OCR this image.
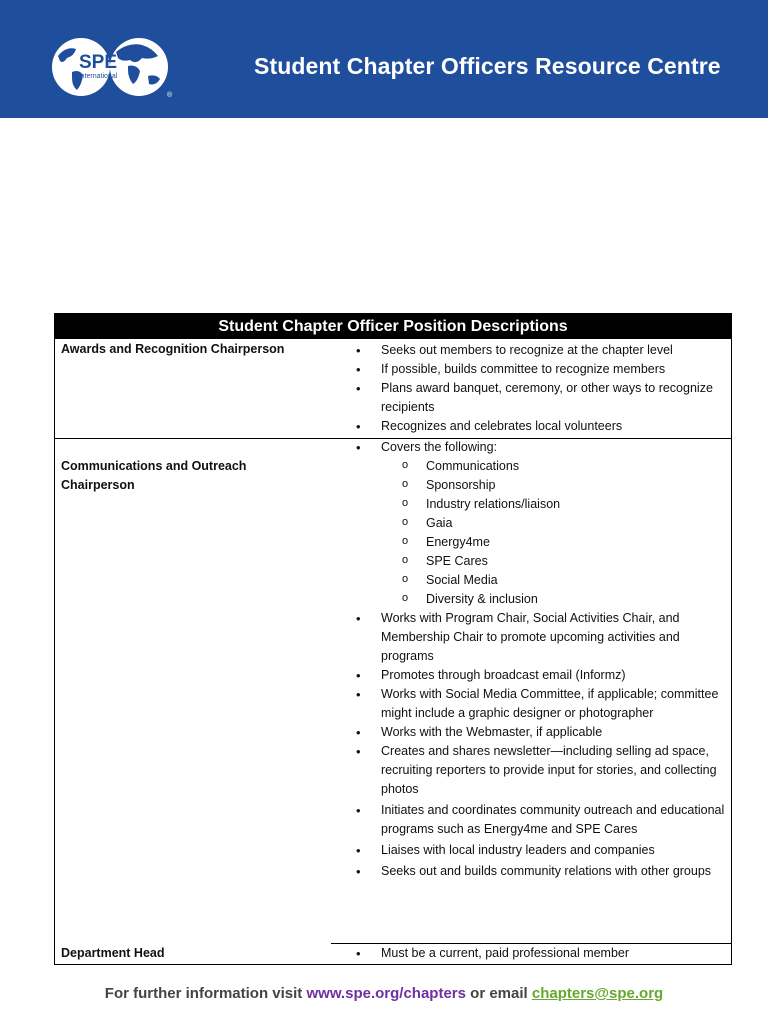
SPE
International
®
Student Chapter Officers Resource Centre
Student Chapter Officer Position Descriptions
Awards and Recognition Chairperson	• Seeks out members to recognize at the chapter level
• If possible, builds committee to recognize members
• Plans award banquet, ceremony, or other ways to recognize recipients
• Recognizes and celebrates local volunteers
Communications and Outreach Chairperson
• Covers the following:
o Communications
o Sponsorship
o Industry relations/liaison
o Gaia
o Energy4me
o SPE Cares
o Social Media
o Diversity & inclusion
• Works with Program Chair, Social Activities Chair, and Membership Chair to promote upcoming activities and programs
• Promotes through broadcast email (Informz)
• Works with Social Media Committee, if applicable; committee might include a graphic designer or photographer
• Works with the Webmaster, if applicable
• Creates and shares newsletter—including selling ad space, recruiting reporters to provide input for stories, and collecting photos
• Initiates and coordinates community outreach and educational programs such as Energy4me and SPE Cares
• Liaises with local industry leaders and companies
• Seeks out and builds community relations with other groups
Department Head	• Must be a current, paid professional member
For further information visit www.spe.org/chapters or email chapters@spe.org
